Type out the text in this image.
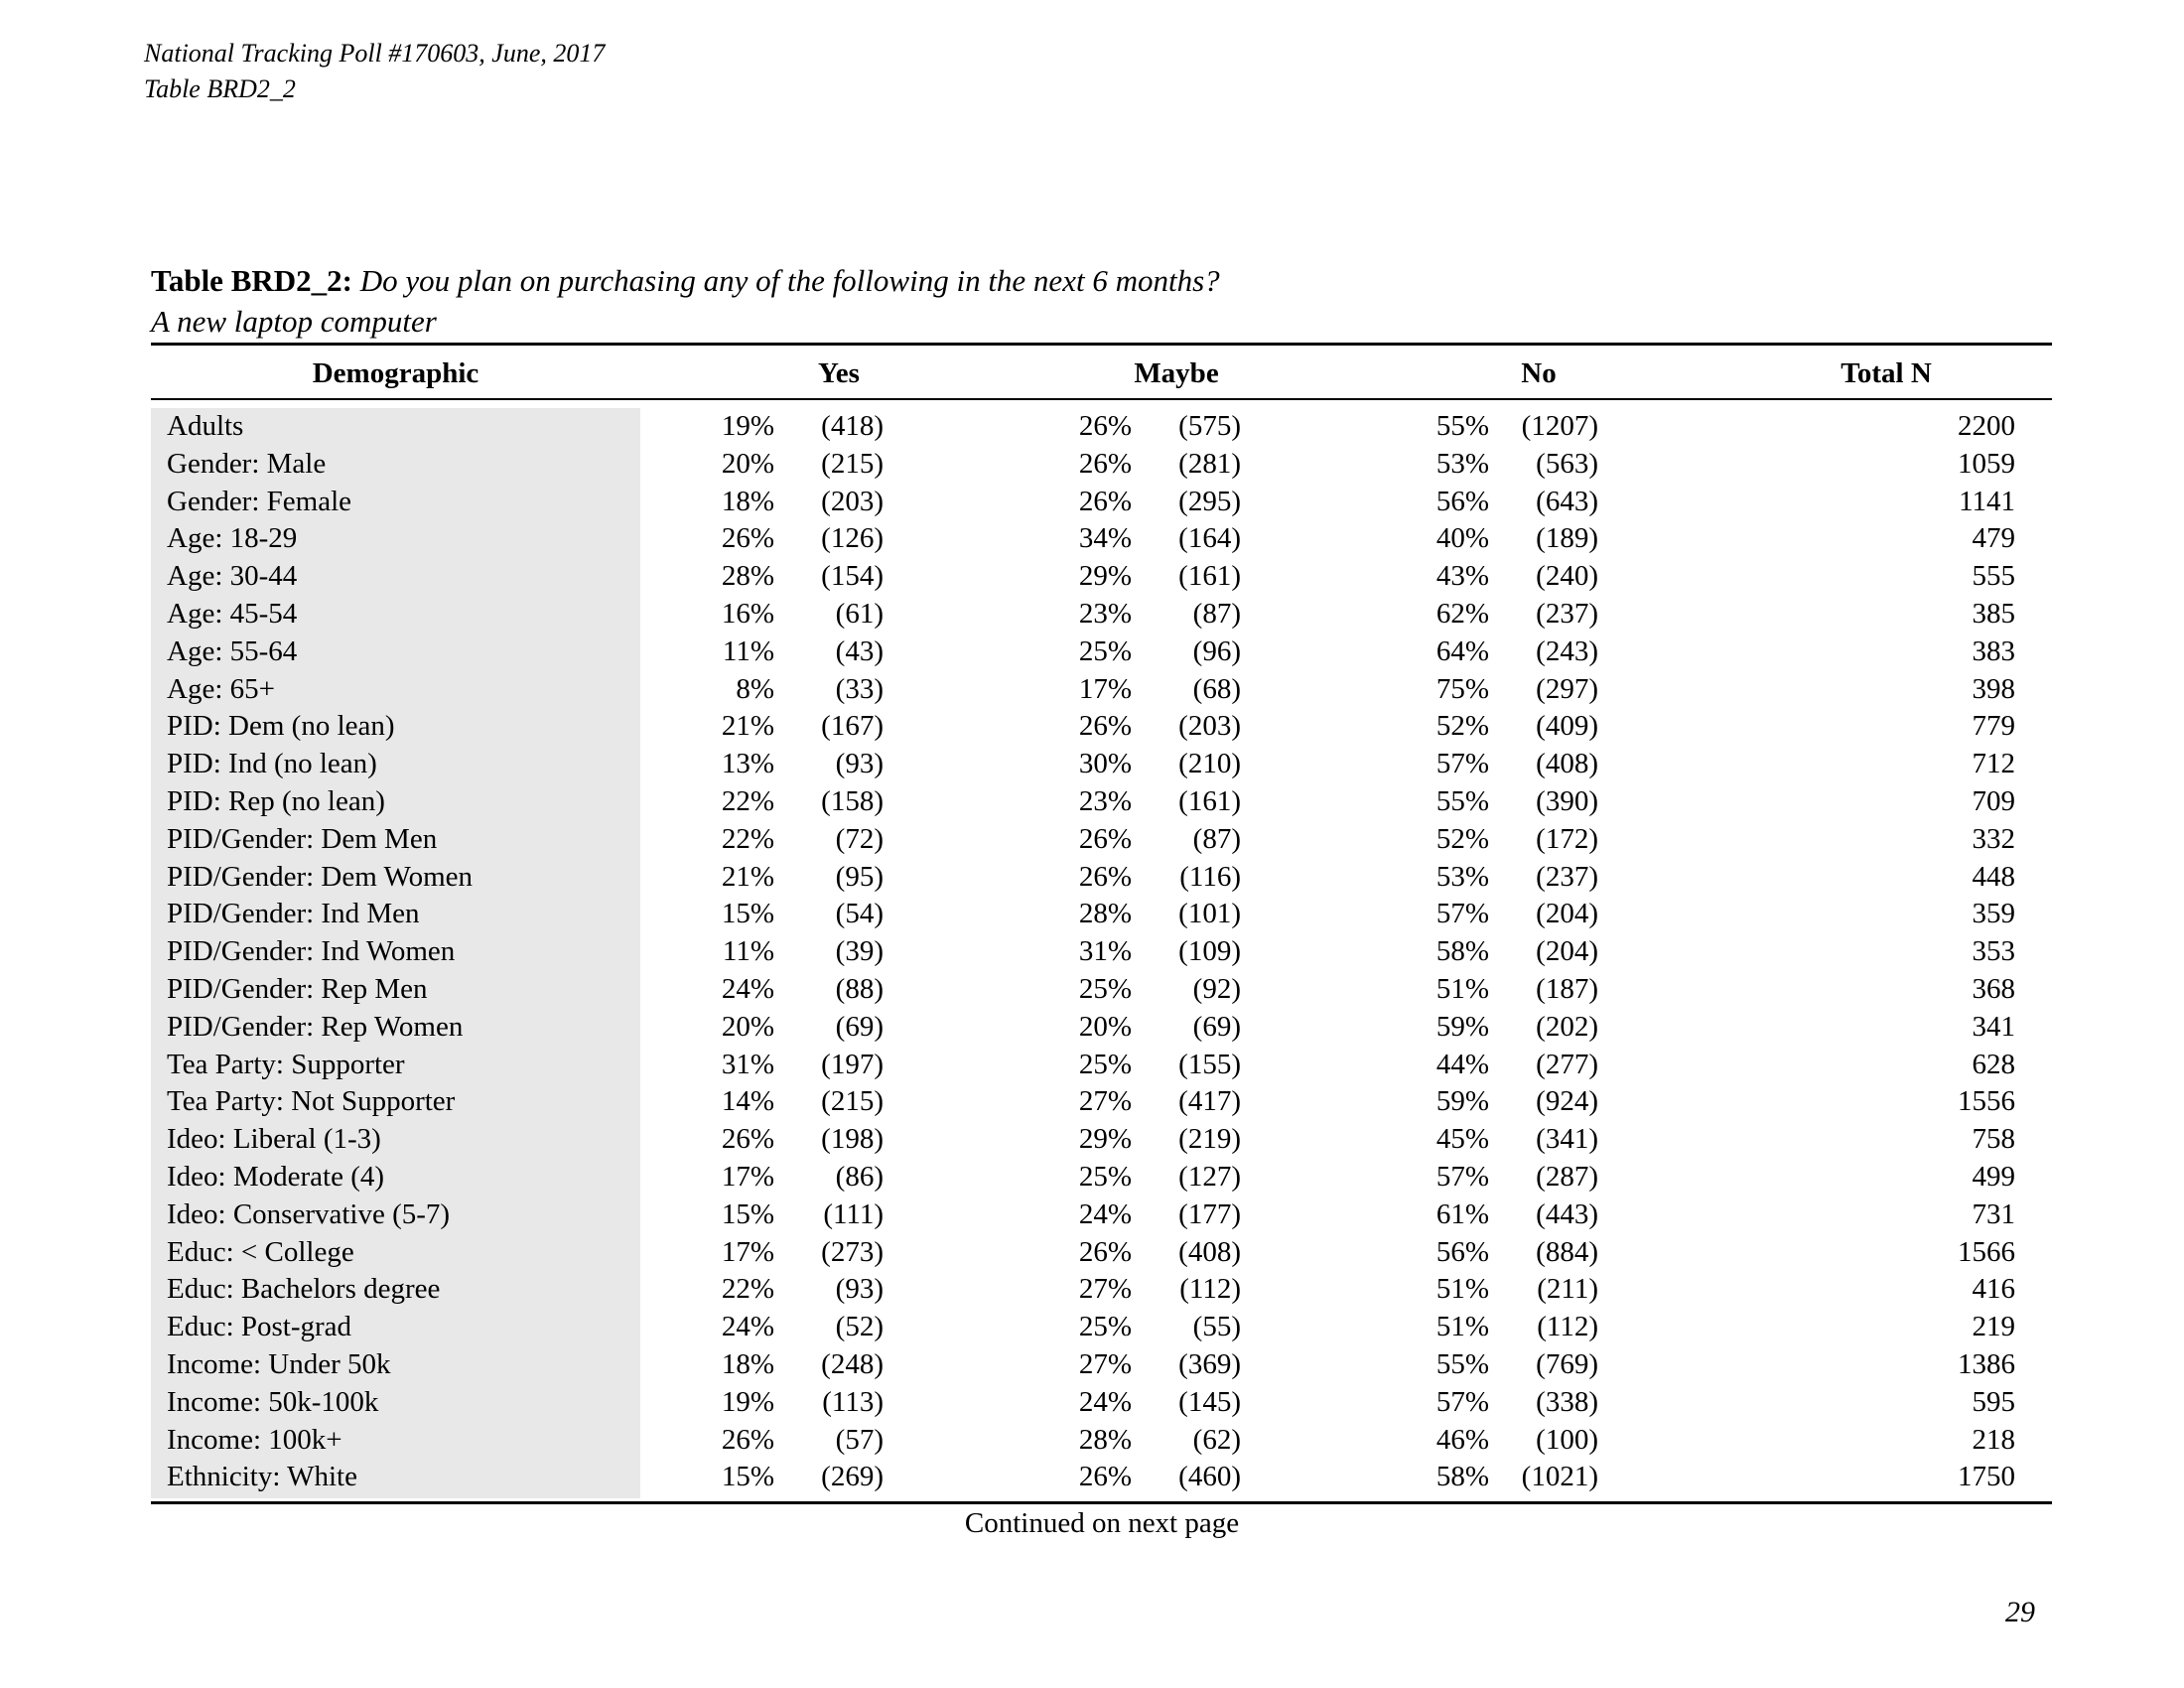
National Tracking Poll #170603, June, 2017
Table BRD2_2
Table BRD2_2: Do you plan on purchasing any of the following in the next 6 months?
A new laptop computer
Demographic	Yes	Maybe	No	Total N
Adults	19%	(418)	26%	(575)	55%	(1207)	2200
Gender: Male	20%	(215)	26%	(281)	53%	(563)	1059
Gender: Female	18%	(203)	26%	(295)	56%	(643)	1141
Age: 18-29	26%	(126)	34%	(164)	40%	(189)	479
Age: 30-44	28%	(154)	29%	(161)	43%	(240)	555
Age: 45-54	16%	(61)	23%	(87)	62%	(237)	385
Age: 55-64	11%	(43)	25%	(96)	64%	(243)	383
Age: 65+	8%	(33)	17%	(68)	75%	(297)	398
PID: Dem (no lean)	21%	(167)	26%	(203)	52%	(409)	779
PID: Ind (no lean)	13%	(93)	30%	(210)	57%	(408)	712
PID: Rep (no lean)	22%	(158)	23%	(161)	55%	(390)	709
PID/Gender: Dem Men	22%	(72)	26%	(87)	52%	(172)	332
PID/Gender: Dem Women	21%	(95)	26%	(116)	53%	(237)	448
PID/Gender: Ind Men	15%	(54)	28%	(101)	57%	(204)	359
PID/Gender: Ind Women	11%	(39)	31%	(109)	58%	(204)	353
PID/Gender: Rep Men	24%	(88)	25%	(92)	51%	(187)	368
PID/Gender: Rep Women	20%	(69)	20%	(69)	59%	(202)	341
Tea Party: Supporter	31%	(197)	25%	(155)	44%	(277)	628
Tea Party: Not Supporter	14%	(215)	27%	(417)	59%	(924)	1556
Ideo: Liberal (1-3)	26%	(198)	29%	(219)	45%	(341)	758
Ideo: Moderate (4)	17%	(86)	25%	(127)	57%	(287)	499
Ideo: Conservative (5-7)	15%	(111)	24%	(177)	61%	(443)	731
Educ: < College	17%	(273)	26%	(408)	56%	(884)	1566
Educ: Bachelors degree	22%	(93)	27%	(112)	51%	(211)	416
Educ: Post-grad	24%	(52)	25%	(55)	51%	(112)	219
Income: Under 50k	18%	(248)	27%	(369)	55%	(769)	1386
Income: 50k-100k	19%	(113)	24%	(145)	57%	(338)	595
Income: 100k+	26%	(57)	28%	(62)	46%	(100)	218
Ethnicity: White	15%	(269)	26%	(460)	58%	(1021)	1750
Continued on next page
29
